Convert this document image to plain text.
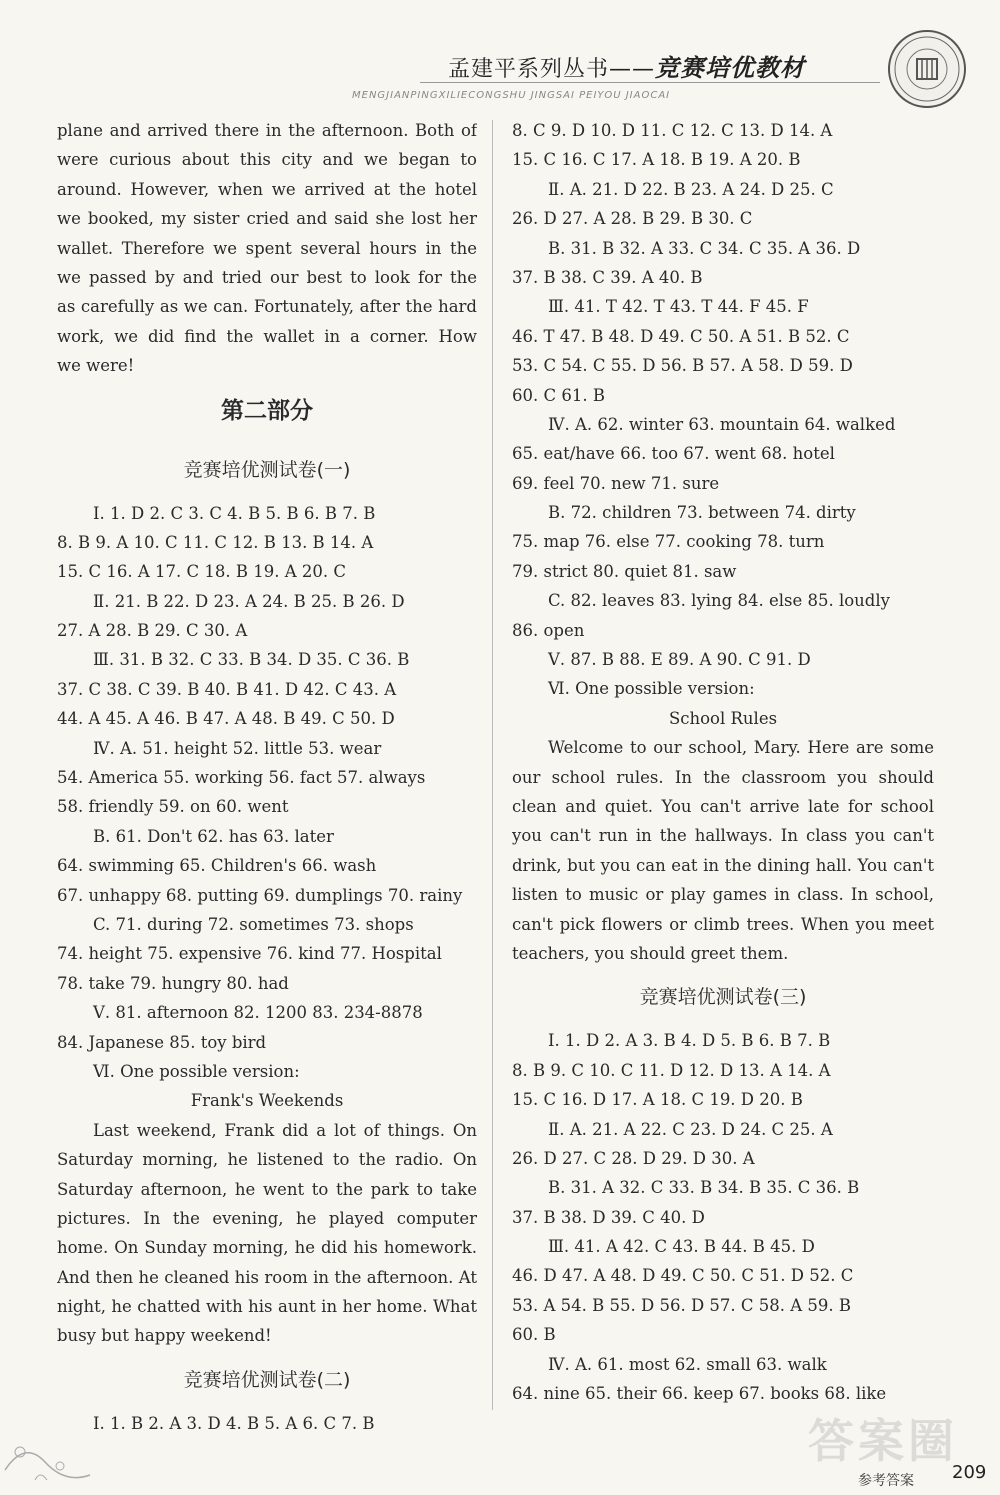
孟建平系列丛书——竞赛培优教材
MENGJIANPINGXILIECONGSHU JINGSAI PEIYOU JIAOCAI
plane and arrived there in the afternoon. Both of
were curious about this city and we began to
around. However, when we arrived at the hotel
we booked, my sister cried and said she lost her
wallet. Therefore we spent several hours in the
we passed by and tried our best to look for the
as carefully as we can. Fortunately, after the hard
work, we did find the wallet in a corner. How
we were!
第二部分
竞赛培优测试卷(一)
Ⅰ. 1. D 2. C 3. C 4. B 5. B 6. B 7. B
8. B 9. A 10. C 11. C 12. B 13. B 14. A
15. C 16. A 17. C 18. B 19. A 20. C
Ⅱ. 21. B 22. D 23. A 24. B 25. B 26. D
27. A 28. B 29. C 30. A
Ⅲ. 31. B 32. C 33. B 34. D 35. C 36. B
37. C 38. C 39. B 40. B 41. D 42. C 43. A
44. A 45. A 46. B 47. A 48. B 49. C 50. D
Ⅳ. A. 51. height 52. little 53. wear
54. America 55. working 56. fact 57. always
58. friendly 59. on 60. went
B. 61. Don't 62. has 63. later
64. swimming 65. Children's 66. wash
67. unhappy 68. putting 69. dumplings 70. rainy
C. 71. during 72. sometimes 73. shops
74. height 75. expensive 76. kind 77. Hospital
78. take 79. hungry 80. had
Ⅴ. 81. afternoon 82. 1200 83. 234-8878
84. Japanese 85. toy bird
Ⅵ. One possible version:
Frank's Weekends
Last weekend, Frank did a lot of things. On
Saturday morning, he listened to the radio. On
Saturday afternoon, he went to the park to take
pictures. In the evening, he played computer
home. On Sunday morning, he did his homework.
And then he cleaned his room in the afternoon. At
night, he chatted with his aunt in her home. What
busy but happy weekend!
竞赛培优测试卷(二)
Ⅰ. 1. B 2. A 3. D 4. B 5. A 6. C 7. B
8. C 9. D 10. D 11. C 12. C 13. D 14. A
15. C 16. C 17. A 18. B 19. A 20. B
Ⅱ. A. 21. D 22. B 23. A 24. D 25. C
26. D 27. A 28. B 29. B 30. C
B. 31. B 32. A 33. C 34. C 35. A 36. D
37. B 38. C 39. A 40. B
Ⅲ. 41. T 42. T 43. T 44. F 45. F
46. T 47. B 48. D 49. C 50. A 51. B 52. C
53. C 54. C 55. D 56. B 57. A 58. D 59. D
60. C 61. B
Ⅳ. A. 62. winter 63. mountain 64. walked
65. eat/have 66. too 67. went 68. hotel
69. feel 70. new 71. sure
B. 72. children 73. between 74. dirty
75. map 76. else 77. cooking 78. turn
79. strict 80. quiet 81. saw
C. 82. leaves 83. lying 84. else 85. loudly
86. open
Ⅴ. 87. B 88. E 89. A 90. C 91. D
Ⅵ. One possible version:
School Rules
Welcome to our school, Mary. Here are some
our school rules. In the classroom you should
clean and quiet. You can't arrive late for school
you can't run in the hallways. In class you can't
drink, but you can eat in the dining hall. You can't
listen to music or play games in class. In school,
can't pick flowers or climb trees. When you meet
teachers, you should greet them.
竞赛培优测试卷(三)
Ⅰ. 1. D 2. A 3. B 4. D 5. B 6. B 7. B
8. B 9. C 10. C 11. D 12. D 13. A 14. A
15. C 16. D 17. A 18. C 19. D 20. B
Ⅱ. A. 21. A 22. C 23. D 24. C 25. A
26. D 27. C 28. D 29. D 30. A
B. 31. A 32. C 33. B 34. B 35. C 36. B
37. B 38. D 39. C 40. D
Ⅲ. 41. A 42. C 43. B 44. B 45. D
46. D 47. A 48. D 49. C 50. C 51. D 52. C
53. A 54. B 55. D 56. D 57. C 58. A 59. B
60. B
Ⅳ. A. 61. most 62. small 63. walk
64. nine 65. their 66. keep 67. books 68. like
答案圈
参考答案 209
